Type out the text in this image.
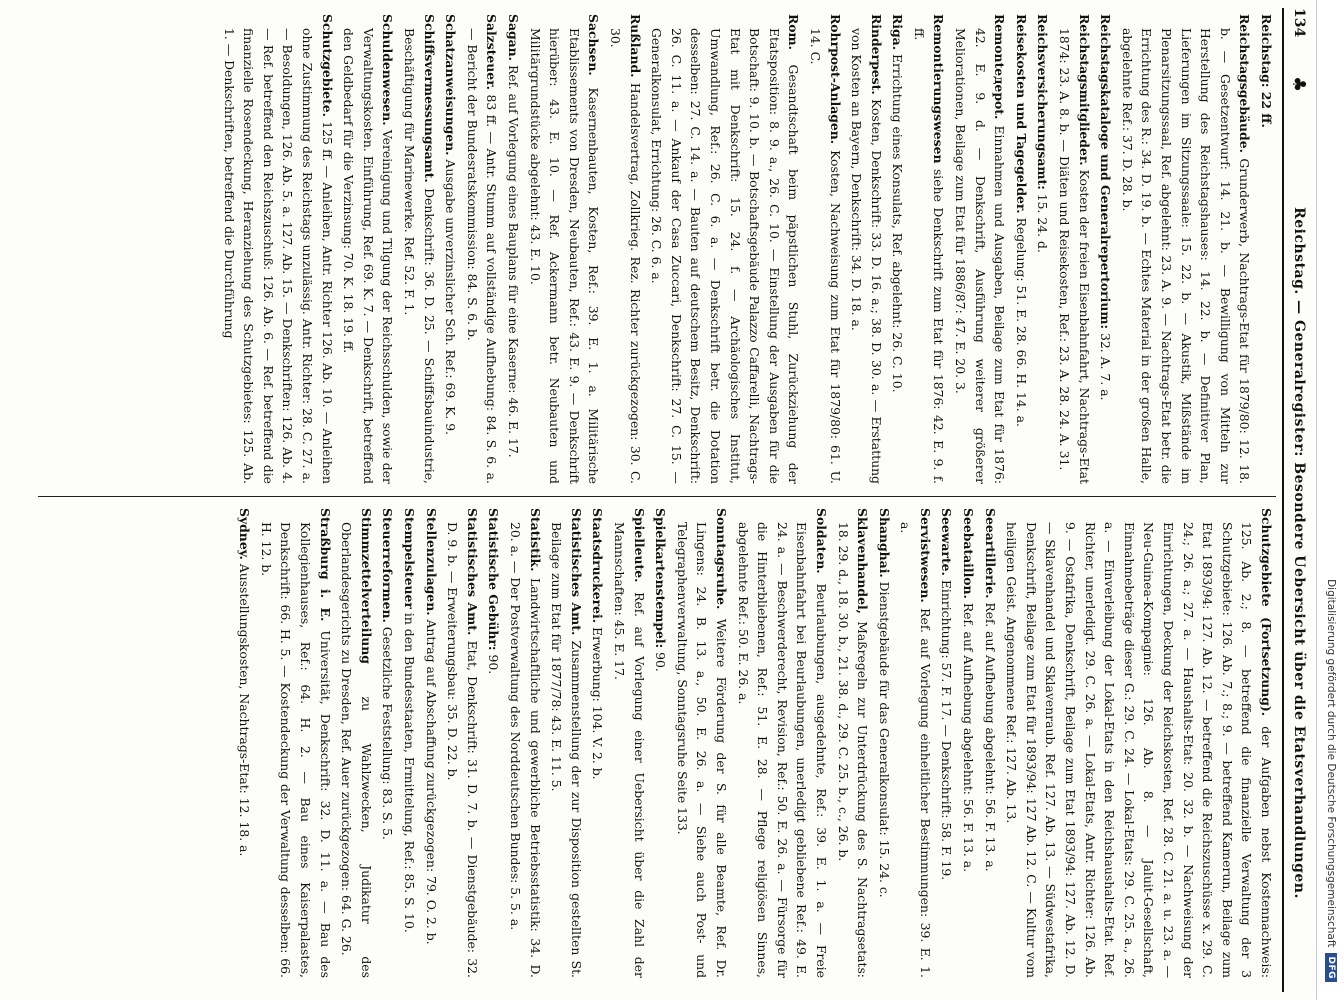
134
♣
Reichstag. — Generalregister: Besondere Uebersicht über die Etatsverhandlungen.

Reichstag: 22 ff.

Reichstagsgebäude. Grunderwerb, Nachtrags-Etat für 1879/80: 12. 18. b. — Gesetzentwurf: 14. 21. b. — Bewilligung von Mitteln zur Herstellung des Reichstagshauses: 14. 22. b. — Definitiver Plan, Lieferungen im Sitzungssaale: 15. 22. b. — Akustik, Mißstände im Plenarsitzungssaal, Ref. abgelehnt: 23. A. 9. — Nachtrags-Etat betr. die Errichtung des R.: 34. D. 19. b. — Echtes Material in der großen Halle, abgelehnte Ref.: 37. D. 28. b.

Reichstagskataloge und Generalrepertorium: 32. A. 7. a.

Reichstagsmitglieder. Kosten der freien Eisenbahnfahrt, Nachtrags-Etat 1874: 23. A. 8. b. — Diäten und Reisekosten, Ref.: 23. A. 28. 24. A. 31.

Reichsversicherungsamt: 15. 24. d.

Reisekosten und Tagegelder. Regelung: 51. E. 28. 66. H. 14. a.

Remonteдepot. Einnahmen und Ausgaben, Beilage zum Etat für 1876: 42. E. 9. d. — Denkschrift, Ausführung weiterer größerer Meliorationen, Beilage zum Etat für 1886/87: 47. E. 20. 3.

Remontierungswesen siehe Denkschrift zum Etat für 1876: 42. E. 9. f. ff.

Riga. Errichtung eines Konsulats, Ref. abgelehnt: 26. C. 10.

Rinderpest. Kosten, Denkschrift: 33. D. 16. a.; 38. D. 30. a. — Erstattung von Kosten an Bayern, Denkschrift: 34. D. 18. a.

Rohrpost-Anlagen. Kosten, Nachweisung zum Etat für 1879/80: 61. U. 14. C.

Rom. Gesandtschaft beim päpstlichen Stuhl, Zurückziehung der Etatsposition: 8. 9. a., 26. C. 10. — Einstellung der Ausgaben für die Botschaft: 9. 10. b. — Botschaftsgebäude Palazzo Caffarelli, Nachtrags-Etat mit Denkschrift: 15. 24. f. — Archäologisches Institut, Umwandlung, Ref.: 26. C. 6. a. — Denkschrift betr. die Dotation desselben: 27. C. 14. a. — Bauten auf deutschem Besitz, Denkschrift: 26. C. 11. a. — Ankauf der Casa Zuccari, Denkschrift: 27. C. 15. — Generalkonsulat, Errichtung: 26. C. 6. a.

Rußland. Handelsvertrag, Zollkrieg. Rez. Richter zurückgezogen: 30. C. 30.

Sachsen. Kasernenbauten, Kosten, Ref.: 39. E. 1. a. Militärische Etablissements von Dresden, Neubauten, Ref.: 43. E. 9. — Denkschrift hierüber: 43. E. 10. — Ref. Ackermann betr. Neubauten und Militärgrundstücke abgelehnt: 43. E. 10.

Sagan. Ref. auf Vorlegung eines Bauplans für eine Kaserne: 46. E. 17.

Salzsteuer. 83 ff. — Antr. Stumm auf vollständige Aufhebung: 84. S. 6. a. — Bericht der Bundesratskommission: 84. S. 6. b.

Schatzanweisungen. Ausgabe unverzinslicher Sch. Ref.: 69. K. 9.

Schiffsvermessungsamt. Denkschrift: 36. D. 25. — Schiffsbauindustrie, Beschäftigung für Marinewerke. Ref. 52. F. 1.

Schuldenwesen. Vereinigung und Tilgung der Reichsschulden, sowie der Verwaltungskosten. Einführung, Ref. 69. K. 7. — Denkschrift, betreffend den Geldbedarf für die Verzinsung: 70. K. 18. 19. ff.

Schutzgebiete. 125 ff. — Anleihen, Antr. Richter 126. Ab. 10. — Anleihen ohne Zustimmung des Reichstags unzulässig. Antr. Richter: 28. C. 27. a. — Besoldungen, 126. Ab. 5. a. 127. Ab. 15. — Denkschriften: 126. Ab. 4. — Ref. betreffend den Reichszuschuß: 126. Ab. 6. — Ref. betreffend die finanzielle Rosendeckung, Heranziehung des Schutzgebietes: 125. Ab. 1. — Denkschriften, betreffend die Durchführung

Schutzgebiete (Fortsetzung). der Aufgaben nebst Kostennachweis: 125. Ab. 2.; 8. — betreffend die finanzielle Verwaltung der 3 Schutzgebiete: 126. Ab. 7.; 8.; 9. — betreffend Kamerun, Beilage zum Etat 1893/94: 127. Ab. 12. — betreffend die Reichszuschüsse x. 29. C. 24.; 26. a.; 27. a. — Haushalts-Etat: 20. 32. b. — Nachweisung der Einrichtungen, Deckung der Reichskosten, Ref. 28. C. 21. a. u. 23. a. — Neu-Guinea-Kompagnie: 126. Ab. 8. — Jaluit-Gesellschaft, Einnahmebeträge dieser G.: 29. C. 24. — Lokal-Etats: 29. C. 25. a., 26. a. — Einverleibung der Lokal-Etats in den Reichshaushalts-Etat. Ref. Richter, unerledigt. 29. C. 26. a. — Lokal-Etats, Antr. Richter: 126. Ab. 9. — Ostafrika, Denkschrift, Beilage zum Etat 1893/94: 127. Ab. 12. D. — Sklavenhandel und Sklavenraub. Ref. 127. Ab. 13. — Südwestafrika, Denkschrift, Beilage zum Etat für 1893/94: 127 Ab. 12. C. — Kultur vom heiligen Geist. Angenommene Ref.: 127. Ab. 13.

Seeartillerie. Ref. auf Aufhebung abgelehnt: 56. F. 13. a.

Seebataillon. Ref. auf Aufhebung abgelehnt: 56. F. 13. a.

Seewarte. Einrichtung: 57. F. 17. — Denkschrift: 58. F. 19.

Servistwesen. Ref. auf Vorlegung einheitlicher Bestimmungen: 39. E. 1. a.

Shanghai. Dienstgebäude für das Generalkonsulat: 15. 24. c.

Sklavenhandel, Maßregeln zur Unterdrückung des S. Nachtragsetats: 18. 29. d., 18. 30. b., 21. 38. d., 29. C. 25. b., c., 26. b.

Soldaten. Beurlaubungen, ausgedehnte, Ref.: 39. E. 1. a. — Freie Eisenbahnfahrt bei Beurlaubungen, unerledigt gebliebene Ref.: 49. E. 24. a. — Beschwerderecht, Revision, Ref.: 50. E. 26. a. — Fürsorge für die Hinterbliebenen, Ref.: 51. E. 28. — Pflege religiösen Sinnes, abgelehnte Ref.: 50. E. 26. a.

Sonntagsruhe. Weitere Förderung der S. für alle Beamte, Ref. Dr. Lingens: 24. B. 13. a., 50. E. 26. a. — Siehe auch Post- und Telegraphenverwaltung, Sonntagsruhe Seite 133.

Spielkartenstempel: 90.

Spielleute. Ref. auf Vorlegung einer Uebersicht über die Zahl der Mannschaften: 45. E. 17.

Staatsdruckerei. Erwerbung: 104. V. 2. b.

Statistisches Amt. Zusammenstellung der zur Disposition gestellten St. Beilage zum Etat für 1877/78: 43. E. 11. 5.

Statistik. Landwirtschaftliche und gewerbliche Betriebsstatistik: 34. D. 20. a. — Der Postverwaltung des Norddeutschen Bundes: 5. 5. a.

Statistische Gebühr: 90.

Statistisches Amt. Etat, Denkschrift: 31. D. 7. b. — Dienstgebäude: 32. D. 9. b. — Erweiterungsbau: 35. D. 22. b.

Stellenzulagen. Antrag auf Abschaffung zurückgezogen: 79. O. 2. b.

Stempelsteuer in den Bundesstaaten, Ermittelung, Ref.: 85. S. 10.

Steuerreformen. Gesetzliche Feststellung: 83. S. 5.

Stimmzettelverteilung zu Wahlzwecken, Judikatur des Oberlandesgerichts zu Dresden, Ref. Auer zurückgezogen: 64. G. 26.

Straßburg i. E. Universität, Denkschrift: 32. D. 11. a. — Bau des Kollegienhauses, Ref.: 64. H. 2. — Bau eines Kaiserpalastes, Denkschrift: 66. H. 5. — Kostendeckung der Verwaltung desselben: 66. H. 12. b.

Sydney. Ausstellungskosten, Nachtrags-Etat: 12. 18. a.	Digitalisierung gefördert durch die Deutsche Forschungsgemeinschaft
DFG
